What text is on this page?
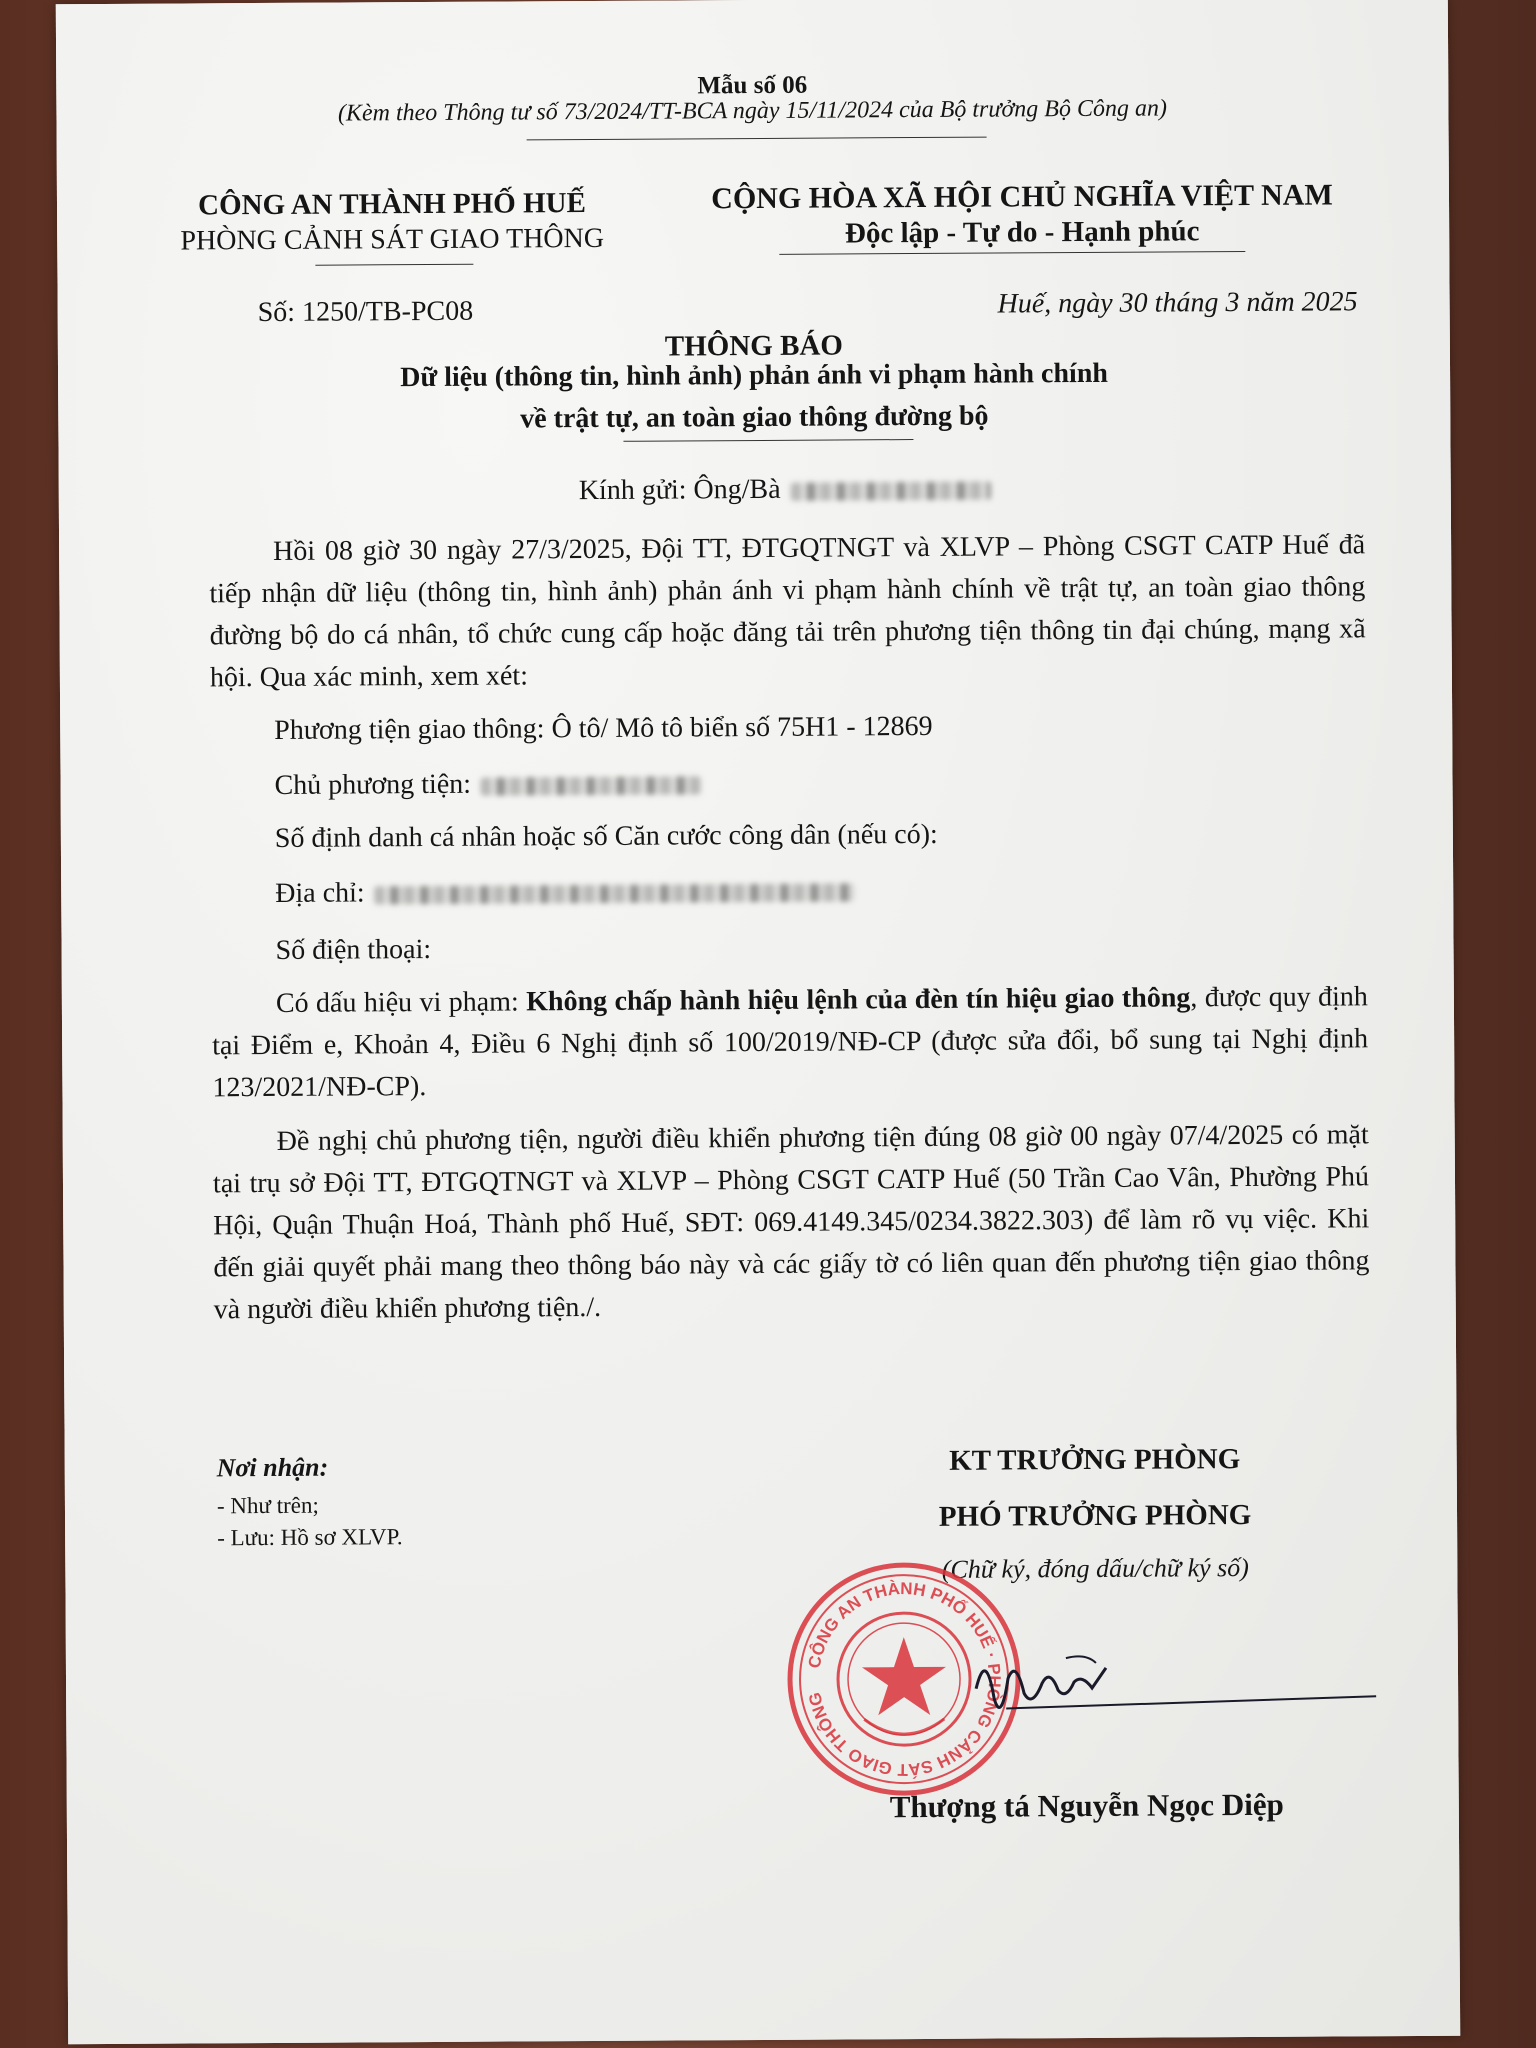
Mẫu số 06
(Kèm theo Thông tư số 73/2024/TT-BCA ngày 15/11/2024 của Bộ trưởng Bộ Công an)
CÔNG AN THÀNH PHỐ HUẾ
PHÒNG CẢNH SÁT GIAO THÔNG
CỘNG HÒA XÃ HỘI CHỦ NGHĨA VIỆT NAM
Độc lập - Tự do - Hạnh phúc
Số: 1250/TB-PC08	Huế, ngày 30 tháng 3 năm 2025
THÔNG BÁO
Dữ liệu (thông tin, hình ảnh) phản ánh vi phạm hành chính
về trật tự, an toàn giao thông đường bộ
Kính gửi: Ông/Bà
Hồi 08 giờ 30 ngày 27/3/2025, Đội TT, ĐTGQTNGT và XLVP – Phòng CSGT CATP Huế đã tiếp nhận dữ liệu (thông tin, hình ảnh) phản ánh vi phạm hành chính về trật tự, an toàn giao thông đường bộ do cá nhân, tổ chức cung cấp hoặc đăng tải trên phương tiện thông tin đại chúng, mạng xã hội. Qua xác minh, xem xét:
Phương tiện giao thông: Ô tô/ Mô tô biển số 75H1 - 12869
Chủ phương tiện:
Số định danh cá nhân hoặc số Căn cước công dân (nếu có):
Địa chỉ:
Số điện thoại:
Có dấu hiệu vi phạm: Không chấp hành hiệu lệnh của đèn tín hiệu giao thông, được quy định tại Điểm e, Khoản 4, Điều 6 Nghị định số 100/2019/NĐ-CP (được sửa đổi, bổ sung tại Nghị định 123/2021/NĐ-CP).
Đề nghị chủ phương tiện, người điều khiển phương tiện đúng 08 giờ 00 ngày 07/4/2025 có mặt tại trụ sở Đội TT, ĐTGQTNGT và XLVP – Phòng CSGT CATP Huế (50 Trần Cao Vân, Phường Phú Hội, Quận Thuận Hoá, Thành phố Huế, SĐT: 069.4149.345/0234.3822.303) để làm rõ vụ việc. Khi đến giải quyết phải mang theo thông báo này và các giấy tờ có liên quan đến phương tiện giao thông và người điều khiển phương tiện./.
Nơi nhận:
- Như trên;
- Lưu: Hồ sơ XLVP.
KT TRƯỞNG PHÒNG
PHÓ TRƯỞNG PHÒNG
(Chữ ký, đóng dấu/chữ ký số)
CÔNG AN THÀNH PHỐ HUẾ · PHÒNG CẢNH SÁT GIAO THÔNG
Thượng tá Nguyễn Ngọc Diệp
